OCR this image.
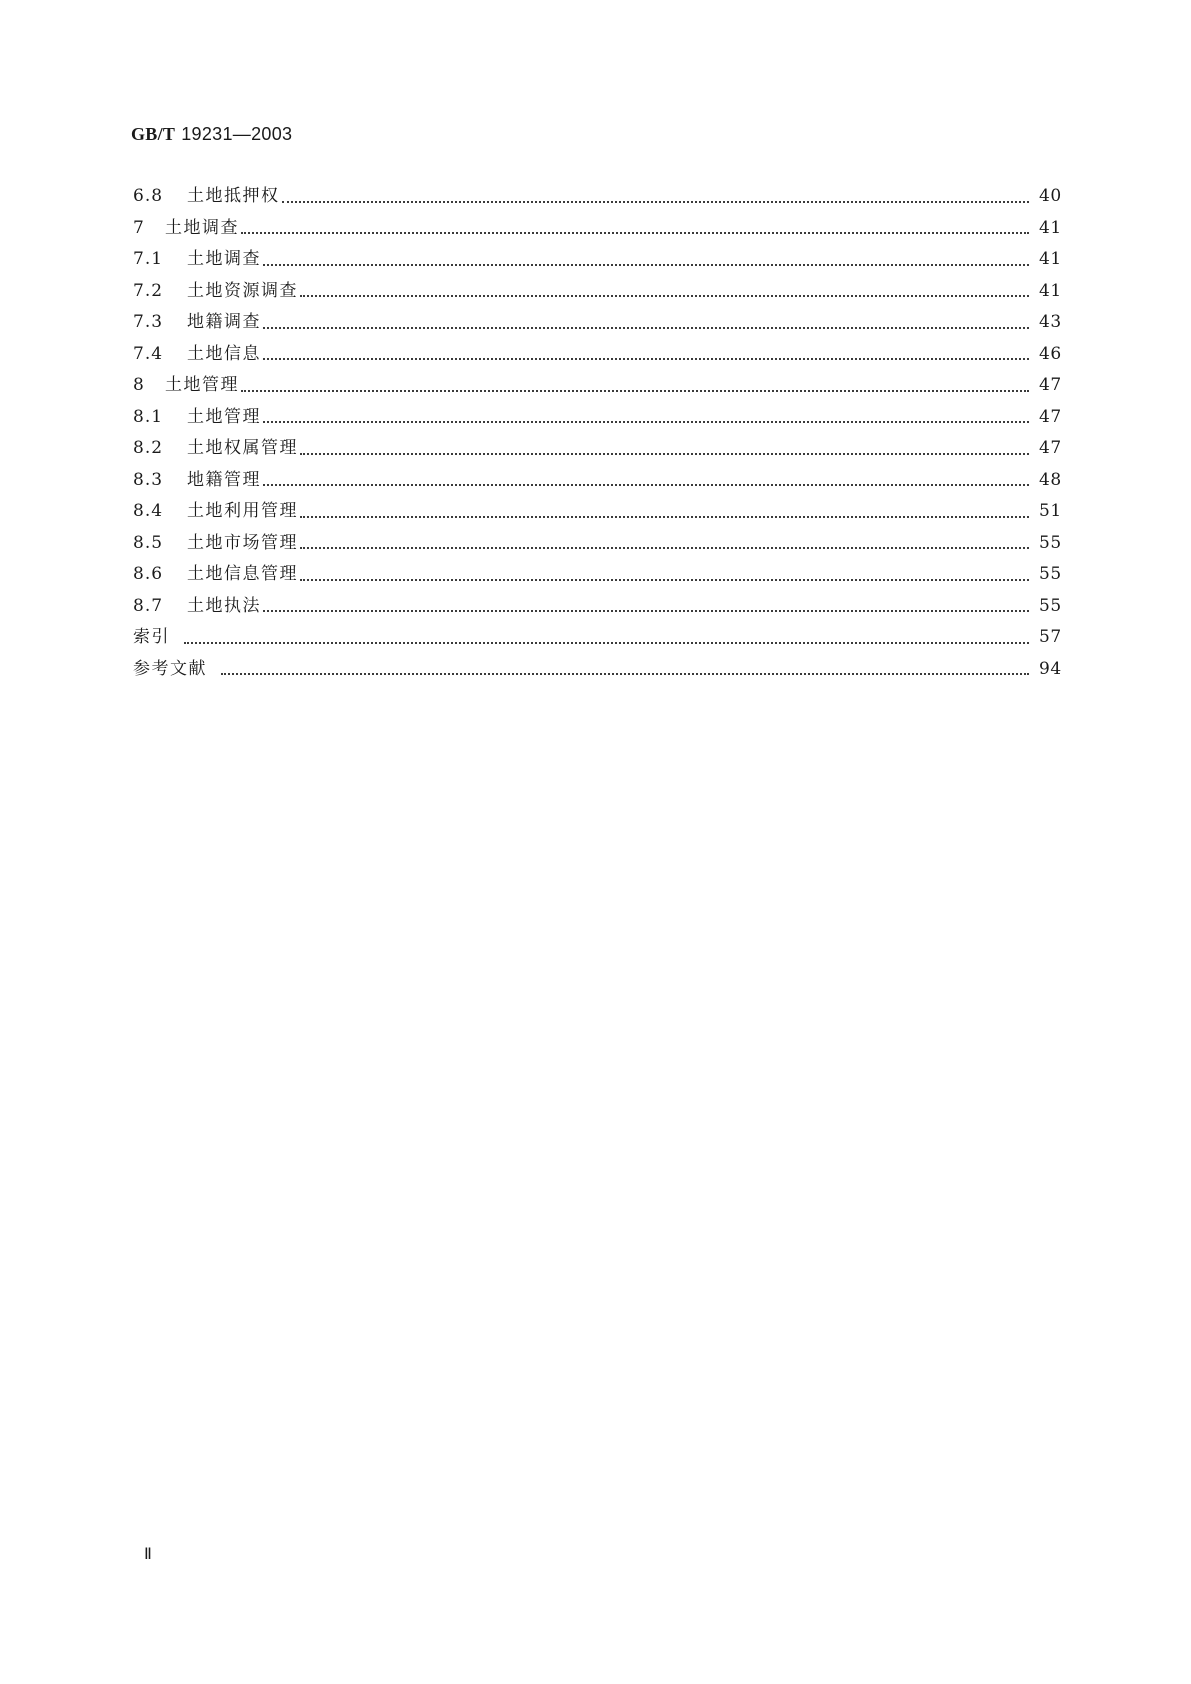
GB/T 19231—2003
6.8	土地抵押权	40
7	土地调查	41
7.1	土地调查	41
7.2	土地资源调查	41
7.3	地籍调查	43
7.4	土地信息	46
8	土地管理	47
8.1	土地管理	47
8.2	土地权属管理	47
8.3	地籍管理	48
8.4	土地利用管理	51
8.5	土地市场管理	55
8.6	土地信息管理	55
8.7	土地执法	55
索引	57
参考文献	94
Ⅱ
